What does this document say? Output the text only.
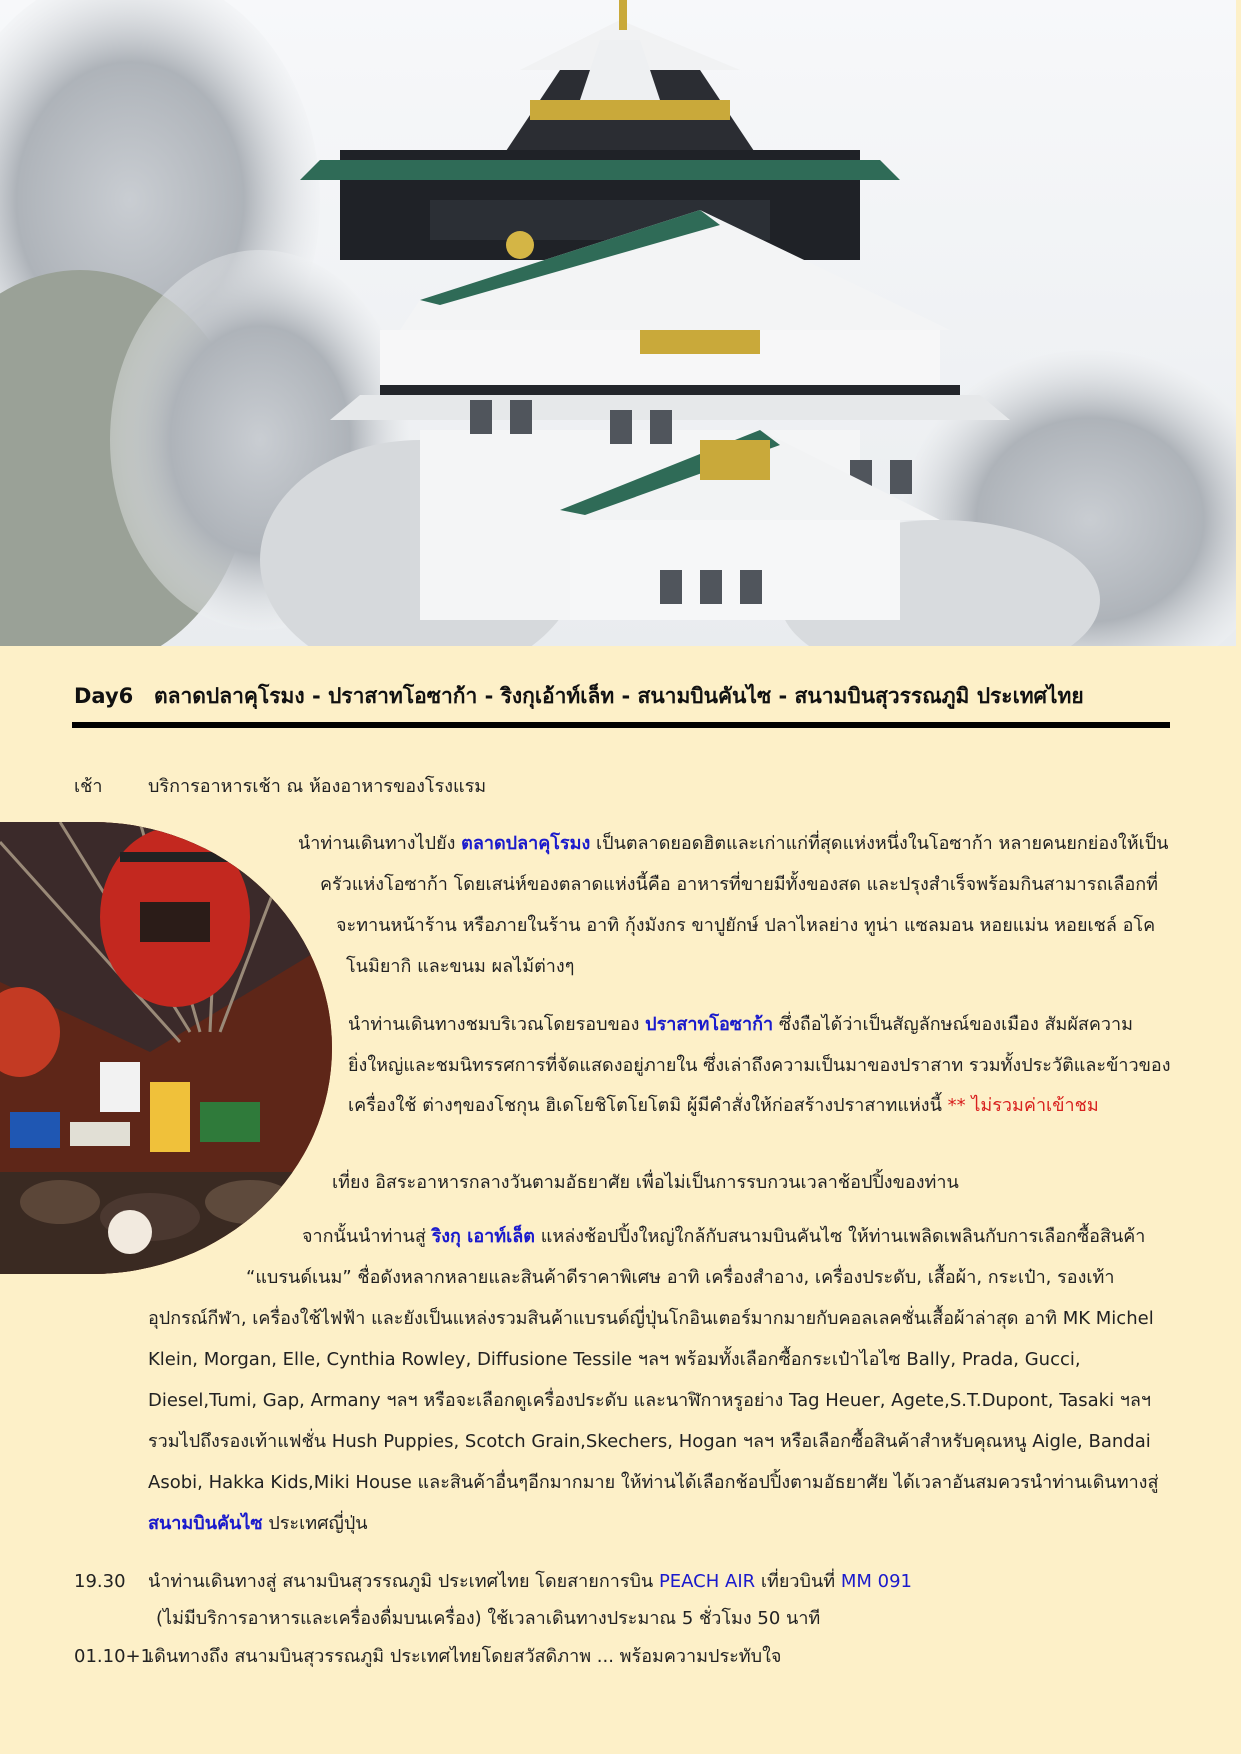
Day6 ตลาดปลาคุโรมง - ปราสาทโอซาก้า - ริงกุเอ้าท์เล็ท - สนามบินคันไซ - สนามบินสุวรรณภูมิ ประเทศไทย
เช้า	บริการอาหารเช้า ณ ห้องอาหารของโรงแรม
นำท่านเดินทางไปยัง ตลาดปลาคุโรมง เป็นตลาดยอดฮิตและเก่าแก่ที่สุดแห่งหนึ่งในโอซาก้า หลายคนยกย่องให้เป็น
ครัวแห่งโอซาก้า โดยเสน่ห์ของตลาดแห่งนี้คือ อาหารที่ขายมีทั้งของสด และปรุงสำเร็จพร้อมกินสามารถเลือกที่
จะทานหน้าร้าน หรือภายในร้าน อาทิ กุ้งมังกร ขาปูยักษ์ ปลาไหลย่าง ทูน่า แซลมอน หอยแม่น หอยเชล์ อโค
โนมิยากิ และขนม ผลไม้ต่างๆ
นำท่านเดินทางชมบริเวณโดยรอบของ ปราสาทโอซาก้า ซึ่งถือได้ว่าเป็นสัญลักษณ์ของเมือง สัมผัสความ
ยิ่งใหญ่และชมนิทรรศการที่จัดแสดงอยู่ภายใน ซึ่งเล่าถึงความเป็นมาของปราสาท รวมทั้งประวัติและข้าวของ
เครื่องใช้ ต่างๆของโชกุน ฮิเดโยชิโตโยโตมิ ผู้มีคำสั่งให้ก่อสร้างปราสาทแห่งนี้ ** ไม่รวมค่าเข้าชม
เที่ยง อิสระอาหารกลางวันตามอัธยาศัย เพื่อไม่เป็นการรบกวนเวลาช้อปปิ้งของท่าน
จากนั้นนำท่านสู่ ริงกุ เอาท์เล็ต แหล่งช้อปปิ้งใหญ่ใกล้กับสนามบินคันไซ ให้ท่านเพลิดเพลินกับการเลือกซื้อสินค้า
“แบรนด์เนม” ชื่อดังหลากหลายและสินค้าดีราคาพิเศษ อาทิ เครื่องสำอาง, เครื่องประดับ, เสื้อผ้า, กระเป๋า, รองเท้า
อุปกรณ์กีฬา, เครื่องใช้ไฟฟ้า และยังเป็นแหล่งรวมสินค้าแบรนด์ญี่ปุ่นโกอินเตอร์มากมายกับคอลเลคชั่นเสื้อผ้าล่าสุด อาทิ MK Michel
Klein, Morgan, Elle, Cynthia Rowley, Diffusione Tessile ฯลฯ พร้อมทั้งเลือกซื้อกระเป๋าไอไซ Bally, Prada, Gucci,
Diesel,Tumi, Gap, Armany ฯลฯ หรือจะเลือกดูเครื่องประดับ และนาฬิกาหรูอย่าง Tag Heuer, Agete,S.T.Dupont, Tasaki ฯลฯ
รวมไปถึงรองเท้าแฟชั่น Hush Puppies, Scotch Grain,Skechers, Hogan ฯลฯ หรือเลือกซื้อสินค้าสำหรับคุณหนู Aigle, Bandai
Asobi, Hakka Kids,Miki House และสินค้าอื่นๆอีกมากมาย ให้ท่านได้เลือกช้อปปิ้งตามอัธยาศัย ได้เวลาอันสมควรนำท่านเดินทางสู่
สนามบินคันไซ ประเทศญี่ปุ่น
19.30 นำท่านเดินทางสู่ สนามบินสุวรรณภูมิ ประเทศไทย โดยสายการบิน PEACH AIR เที่ยวบินที่ MM 091
(ไม่มีบริการอาหารและเครื่องดื่มบนเครื่อง) ใช้เวลาเดินทางประมาณ 5 ชั่วโมง 50 นาที
01.10+1
เดินทางถึง สนามบินสุวรรณภูมิ ประเทศไทยโดยสวัสดิภาพ ... พร้อมความประทับใจ
